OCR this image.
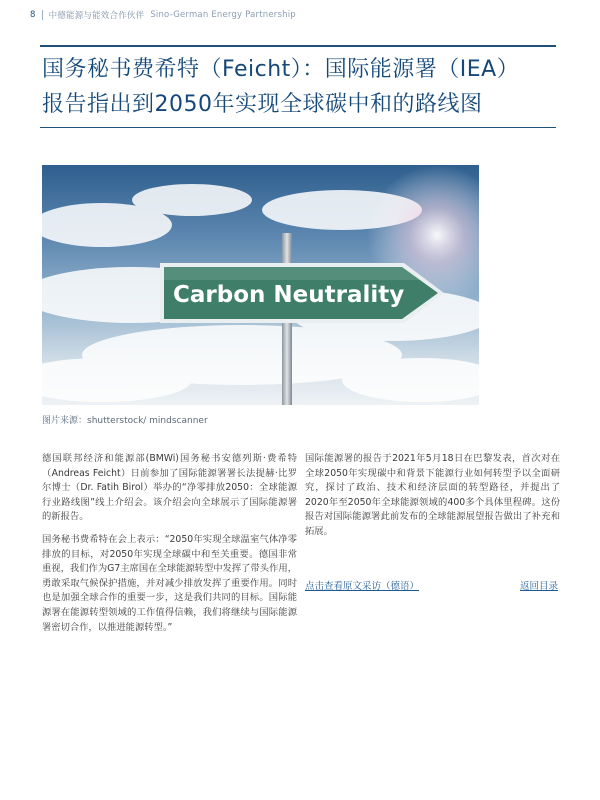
8 中德能源与能效合作伙伴 Sino-German Energy Partnership
国务秘书费希特（Feicht）：国际能源署（IEA）
报告指出到2050年实现全球碳中和的路线图
Carbon Neutrality
图片来源：shutterstock/ mindscanner

德国联邦经济和能源部(BMWi)国务秘书安德列斯·费希特（Andreas Feicht）日前参加了国际能源署署长法提赫·比罗尔博士（Dr. Fatih Birol）举办的“净零排放2050：全球能源行业路线图”线上介绍会。该介绍会向全球展示了国际能源署的新报告。

国务秘书费希特在会上表示：“2050年实现全球温室气体净零排放的目标，对2050年实现全球碳中和至关重要。德国非常重视，我们作为G7主席国在全球能源转型中发挥了带头作用，勇敢采取气候保护措施，并对减少排放发挥了重要作用。同时也是加强全球合作的重要一步，这是我们共同的目标。国际能源署在能源转型领域的工作值得信赖，我们将继续与国际能源署密切合作，以推进能源转型。”

国际能源署的报告于2021年5月18日在巴黎发表，首次对在全球2050年实现碳中和背景下能源行业如何转型予以全面研究，探讨了政治、技术和经济层面的转型路径，并提出了2020年至2050年全球能源领域的400多个具体里程碑。这份报告对国际能源署此前发布的全球能源展望报告做出了补充和拓展。

点击查看原文采访（德语）	返回目录
